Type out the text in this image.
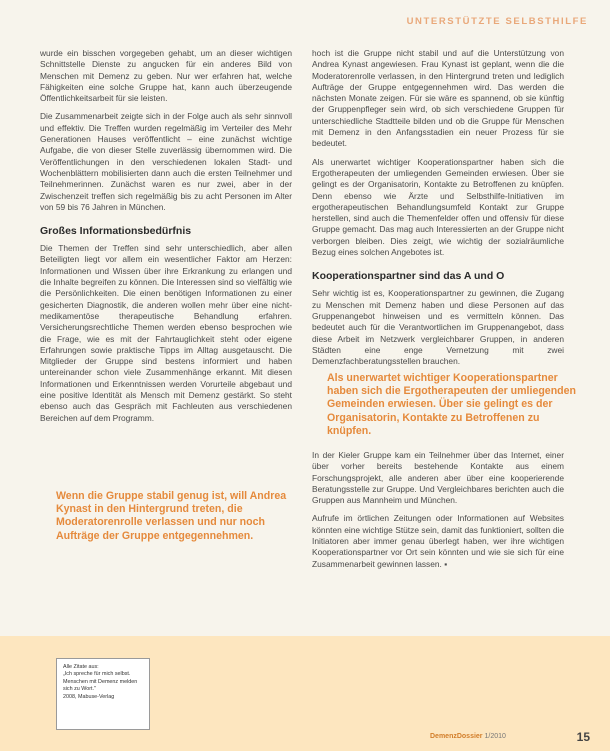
UNTERSTÜTZTE SELBSTHILFE

wurde ein bisschen vorgegeben gehabt, um an dieser wichtigen Schnittstelle Dienste zu angucken für ein anderes Bild von Menschen mit Demenz zu geben. Nur wer erfahren hat, welche Fähigkeiten eine solche Gruppe hat, kann auch überzeugende Öffentlichkeitsarbeit für sie leisten.

Die Zusammenarbeit zeigte sich in der Folge auch als sehr sinnvoll und effektiv. Die Treffen wurden regelmäßig im Verteiler des Mehr Generationen Hauses veröffentlicht – eine zunächst wichtige Aufgabe, die von dieser Stelle zuverlässig übernommen wird. Die Veröffentlichungen in den verschiedenen lokalen Stadt- und Wochenblättern mobilisierten dann auch die ersten Teilnehmer und Teilnehmerinnen. Zunächst waren es nur zwei, aber in der Zwischenzeit treffen sich regelmäßig bis zu acht Personen im Alter von 59 bis 76 Jahren in München.

Großes Informationsbedürfnis

Die Themen der Treffen sind sehr unterschiedlich, aber allen Beteiligten liegt vor allem ein wesentlicher Faktor am Herzen: Informationen und Wissen über ihre Erkrankung zu erlangen und die Inhalte begreifen zu können. Die Interessen sind so vielfältig wie die Persönlichkeiten. Die einen benötigen Informationen zu einer gesicherten Diagnostik, die anderen wollen mehr über eine nicht-medikamentöse therapeutische Behandlung erfahren. Versicherungsrechtliche Themen werden ebenso besprochen wie die Frage, wie es mit der Fahrtauglichkeit steht oder eigene Erfahrungen sowie praktische Tipps im Alltag ausgetauscht. Die Mitglieder der Gruppe sind bestens informiert und haben untereinander schon viele Zusammenhänge erkannt. Mit diesen Informationen und Erkenntnissen werden Vorurteile abgebaut und eine positive Identität als Mensch mit Demenz gestärkt. So steht ebenso auch das Gespräch mit Fachleuten aus verschiedenen Bereichen auf dem Programm.

Wenn die Gruppe stabil genug ist, will Andrea Kynast in den Hintergrund treten, die Moderatorenrolle verlassen und nur noch Aufträge der Gruppe entgegennehmen.

hoch ist die Gruppe nicht stabil und auf die Unterstützung von Andrea Kynast angewiesen. Frau Kynast ist geplant, wenn die die Moderatorenrolle verlassen, in den Hintergrund treten und lediglich Aufträge der Gruppe entgegennehmen wird. Das werden die nächsten Monate zeigen. Für sie wäre es spannend, ob sie künftig der Gruppenpfleger sein wird, ob sich verschiedene Gruppen für unterschiedliche Stadtteile bilden und ob die Gruppe für Menschen mit Demenz in den Anfangsstadien ein neuer Prozess für sie bedeutet.

Als unerwartet wichtiger Kooperationspartner haben sich die Ergotherapeuten der umliegenden Gemeinden erwiesen. Über sie gelingt es der Organisatorin, Kontakte zu Betroffenen zu knüpfen. Denn ebenso wie Ärzte und Selbsthilfe-Initiativen im ergotherapeutischen Behandlungsumfeld Kontakt zur Gruppe herstellen, sind auch die Themenfelder offen und offensiv für diese Gruppe gemacht. Das mag auch Interessierten an der Gruppe nicht verborgen bleiben. Dies zeigt, wie wichtig der sozialräumliche Bezug eines solchen Angebotes ist.

Kooperationspartner sind das A und O

Sehr wichtig ist es, Kooperationspartner zu gewinnen, die Zugang zu Menschen mit Demenz haben und diese Personen auf das Gruppenangebot hinweisen und es vermitteln können. Das bedeutet auch für die Verantwortlichen im Gruppenangebot, dass diese Arbeit im Netzwerk vergleichbarer Gruppen, in anderen Städten eine enge Vernetzung mit zwei Demenzfachberatungsstellen brauchen.

Als unerwartet wichtiger Kooperationspartner haben sich die Ergotherapeuten der umliegenden Gemeinden erwiesen. Über sie gelingt es der Organisatorin, Kontakte zu Betroffenen zu knüpfen.

In der Kieler Gruppe kam ein Teilnehmer über das Internet, einer über vorher bereits bestehende Kontakte aus einem Forschungsprojekt, alle anderen aber über eine kooperierende Beratungsstelle zur Gruppe. Und Vergleichbares berichten auch die Gruppen aus Mannheim und München.

Aufrufe im örtlichen Zeitungen oder Informationen auf Websites könnten eine wichtige Stütze sein, damit das funktioniert, sollten die Initiatoren aber immer genau überlegt haben, wer ihre wichtigen Kooperationspartner vor Ort sein könnten und wie sie sich für eine Zusammenarbeit gewinnen lassen. ▪

Alle Zitate aus:

„Ich spreche für mich selbst. Menschen mit Demenz melden sich zu Wort."

2008, Mabuse-Verlag

DemenzDossier 1/2010	15
